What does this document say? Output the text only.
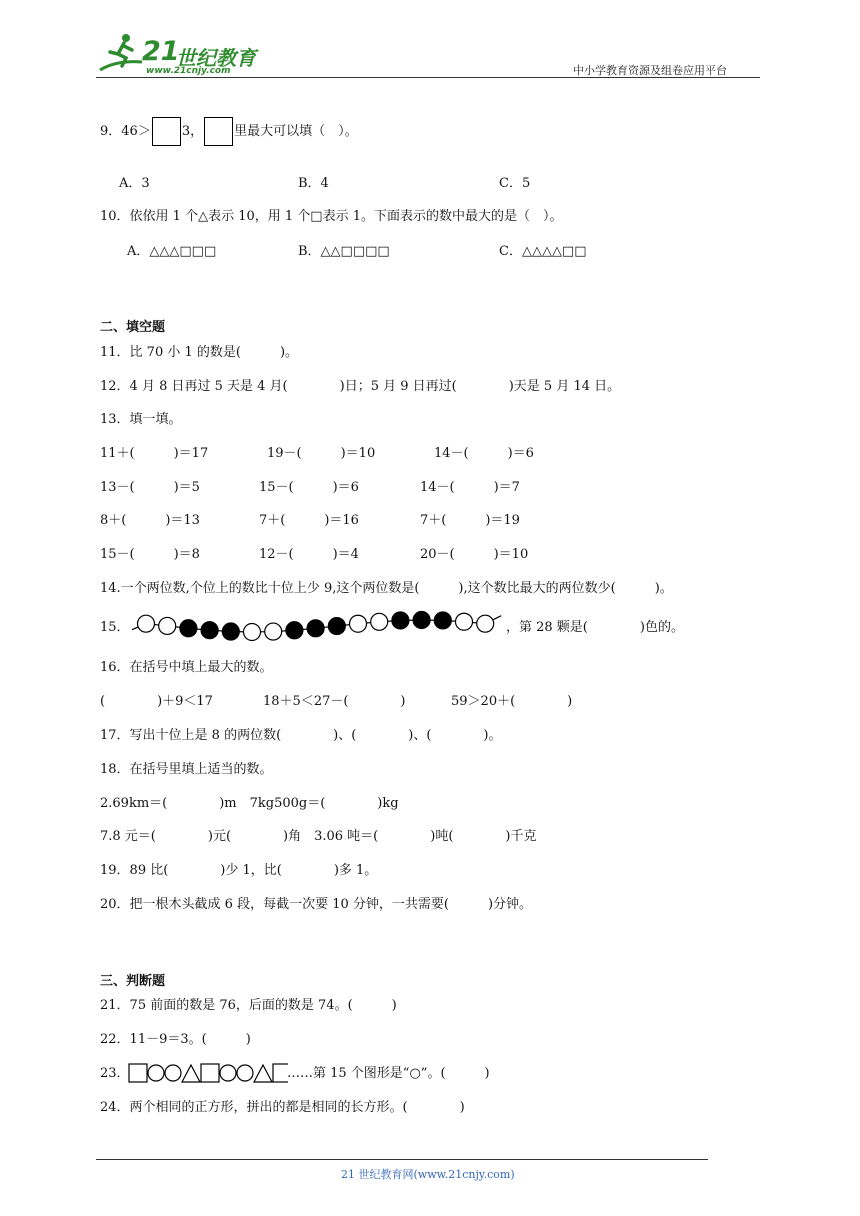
21
世纪教育
www.21cnjy.com	中小学教育资源及组卷应用平台
9．46＞ 3， 里最大可以填（　）。
A．3	B．4	C．5
10．依依用 1 个△表示 10，用 1 个□表示 1。下面表示的数中最大的是（　）。
A．△△△□□□	B．△△□□□□	C．△△△△□□
二、填空题
11．比 70 小 1 的数是(　　　)。
12．4 月 8 日再过 5 天是 4 月(　　　　)日；5 月 9 日再过(　　　　)天是 5 月 14 日。
13．填一填。
11＋(　　　)＝17	19－(　　　)＝10	14－(　　　)＝6
13－(　　　)＝5	15－(　　　)＝6	14－(　　　)＝7
8＋(　　　)＝13	7＋(　　　)＝16	7＋(　　　)＝19
15－(　　　)＝8	12－(　　　)＝4	20－(　　　)＝10
14.一个两位数,个位上的数比十位上少 9,这个两位数是(　　　),这个数比最大的两位数少(　　　)。
15．	，第 28 颗是(　　　　)色的。
16．在括号中填上最大的数。
(　　　　)＋9＜17	18＋5＜27－(　　　　)	59＞20＋(　　　　)
17．写出十位上是 8 的两位数(　　　　)、(　　　　)、(　　　　)。
18．在括号里填上适当的数。
2.69km＝(　　　　)m　7kg500g＝(　　　　)kg
7.8 元＝(　　　　)元(　　　　)角　3.06 吨＝(　　　　)吨(　　　　)千克
19．89 比(　　　　)少 1，比(　　　　)多 1。
20．把一根木头截成 6 段，每截一次要 10 分钟，一共需要(　　　)分钟。
三、判断题
21．75 前面的数是 76，后面的数是 74。(　　　)
22．11－9＝3。(　　　)
23．	……第 15 个图形是“○”。(　　　)
24．两个相同的正方形，拼出的都是相同的长方形。(　　　　)
21 世纪教育网(www.21cnjy.com)
